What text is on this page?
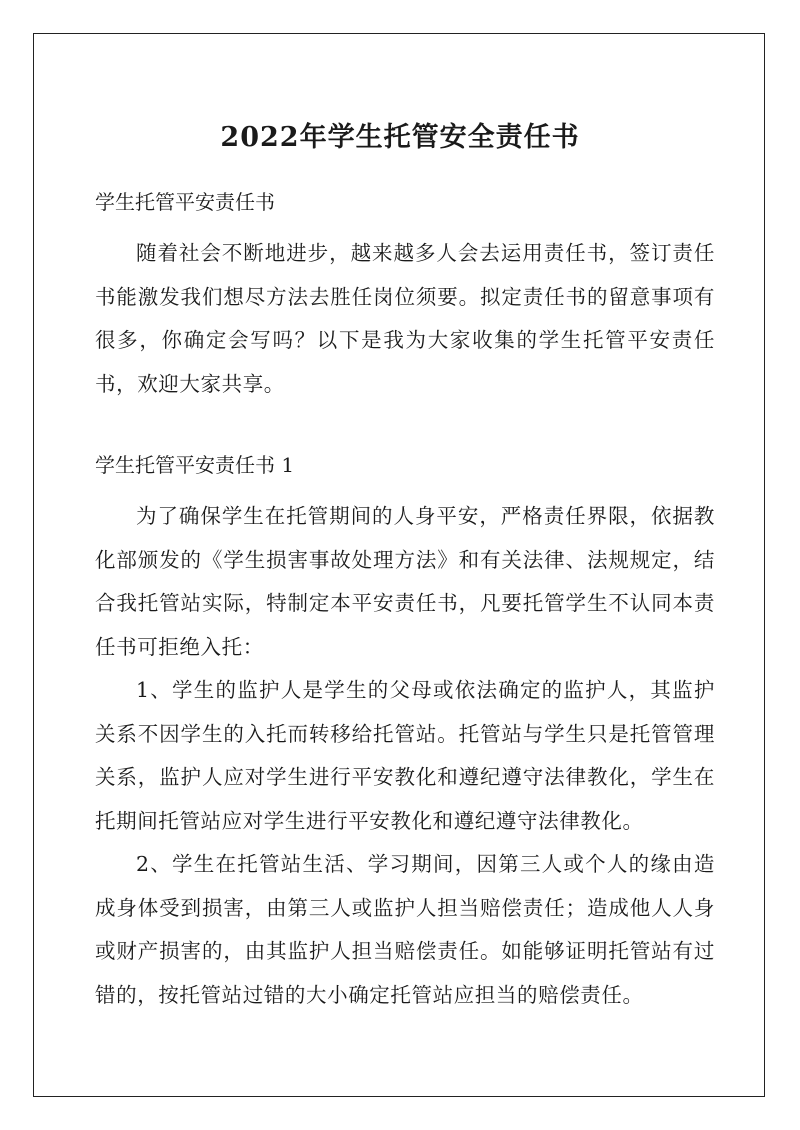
2022年学生托管安全责任书

学生托管平安责任书

随着社会不断地进步，越来越多人会去运用责任书，签订责任书能激发我们想尽方法去胜任岗位须要。拟定责任书的留意事项有很多，你确定会写吗？以下是我为大家收集的学生托管平安责任书，欢迎大家共享。

学生托管平安责任书 1

为了确保学生在托管期间的人身平安，严格责任界限，依据教化部颁发的《学生损害事故处理方法》和有关法律、法规规定，结合我托管站实际，特制定本平安责任书，凡要托管学生不认同本责任书可拒绝入托：

1、学生的监护人是学生的父母或依法确定的监护人，其监护关系不因学生的入托而转移给托管站。托管站与学生只是托管管理关系，监护人应对学生进行平安教化和遵纪遵守法律教化，学生在托期间托管站应对学生进行平安教化和遵纪遵守法律教化。

2、学生在托管站生活、学习期间，因第三人或个人的缘由造成身体受到损害，由第三人或监护人担当赔偿责任；造成他人人身或财产损害的，由其监护人担当赔偿责任。如能够证明托管站有过错的，按托管站过错的大小确定托管站应担当的赔偿责任。
